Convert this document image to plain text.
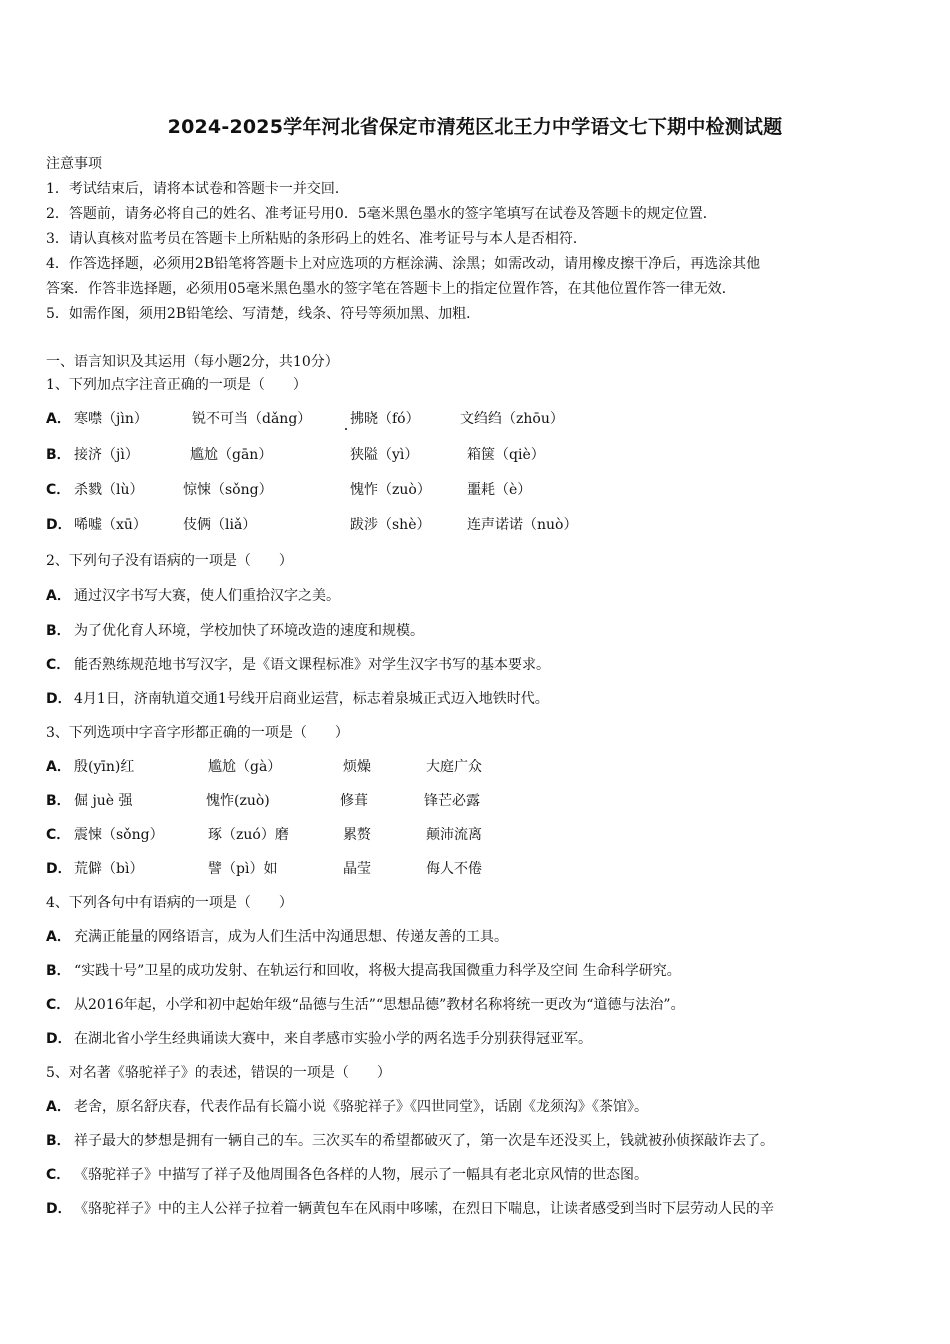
2024-2025学年河北省保定市清苑区北王力中学语文七下期中检测试题
注意事项
1．考试结束后，请将本试卷和答题卡一并交回．
2．答题前，请务必将自己的姓名、准考证号用0．5毫米黑色墨水的签字笔填写在试卷及答题卡的规定位置．
3．请认真核对监考员在答题卡上所粘贴的条形码上的姓名、准考证号与本人是否相符．
4．作答选择题，必须用2B铅笔将答题卡上对应选项的方框涂满、涂黑；如需改动，请用橡皮擦干净后，再选涂其他
答案．作答非选择题，必须用05毫米黑色墨水的签字笔在答题卡上的指定位置作答，在其他位置作答一律无效．
5．如需作图，须用2B铅笔绘、写清楚，线条、符号等须加黑、加粗．
一、语言知识及其运用（每小题2分，共10分）
1、下列加点字注音正确的一项是（　　）
A． 寒噤（jìn）	锐不可当（dǎng）	拂晓（fó）	文绉绉（zhōu）
B． 接济（jì）	尴尬（gān）	狭隘（yì）	箱箧（qiè）
C． 杀戮（lù）	惊悚（sǒng）	愧怍（zuò）	噩耗（è）
D． 唏嘘（xū）	伎俩（liǎ）	跋涉（shè）	连声诺诺（nuò）
2、下列句子没有语病的一项是（　　）
A． 通过汉字书写大赛，使人们重拾汉字之美。
B． 为了优化育人环境，学校加快了环境改造的速度和规模。
C． 能否熟练规范地书写汉字，是《语文课程标准》对学生汉字书写的基本要求。
D． 4月1日，济南轨道交通1号线开启商业运营，标志着泉城正式迈入地铁时代。
3、下列选项中字音字形都正确的一项是（　　）
A． 殷(yīn)红	尴尬（gà）	烦燥	大庭广众
B． 倔 juè 强	愧怍(zuò)	修葺	锋芒必露
C． 震悚（sǒng）	琢（zuó）磨	累赘	颠沛流离
D． 荒僻（bì）	譬（pì）如	晶莹	侮人不倦
4、下列各句中有语病的一项是（　　）
A． 充满正能量的网络语言，成为人们生活中沟通思想、传递友善的工具。
B． “实践十号”卫星的成功发射、在轨运行和回收，将极大提高我国微重力科学及空间 生命科学研究。
C． 从2016年起，小学和初中起始年级“品德与生活”“思想品德”教材名称将统一更改为“道德与法治”。
D． 在湖北省小学生经典诵读大赛中，来自孝感市实验小学的两名选手分别获得冠亚军。
5、对名著《骆驼祥子》的表述，错误的一项是（　　）
A． 老舍，原名舒庆春，代表作品有长篇小说《骆驼祥子》《四世同堂》，话剧《龙须沟》《茶馆》。
B． 祥子最大的梦想是拥有一辆自己的车。三次买车的希望都破灭了，第一次是车还没买上，钱就被孙侦探敲诈去了。
C． 《骆驼祥子》中描写了祥子及他周围各色各样的人物，展示了一幅具有老北京风情的世态图。
D． 《骆驼祥子》中的主人公祥子拉着一辆黄包车在风雨中哆嗦，在烈日下喘息，让读者感受到当时下层劳动人民的辛
